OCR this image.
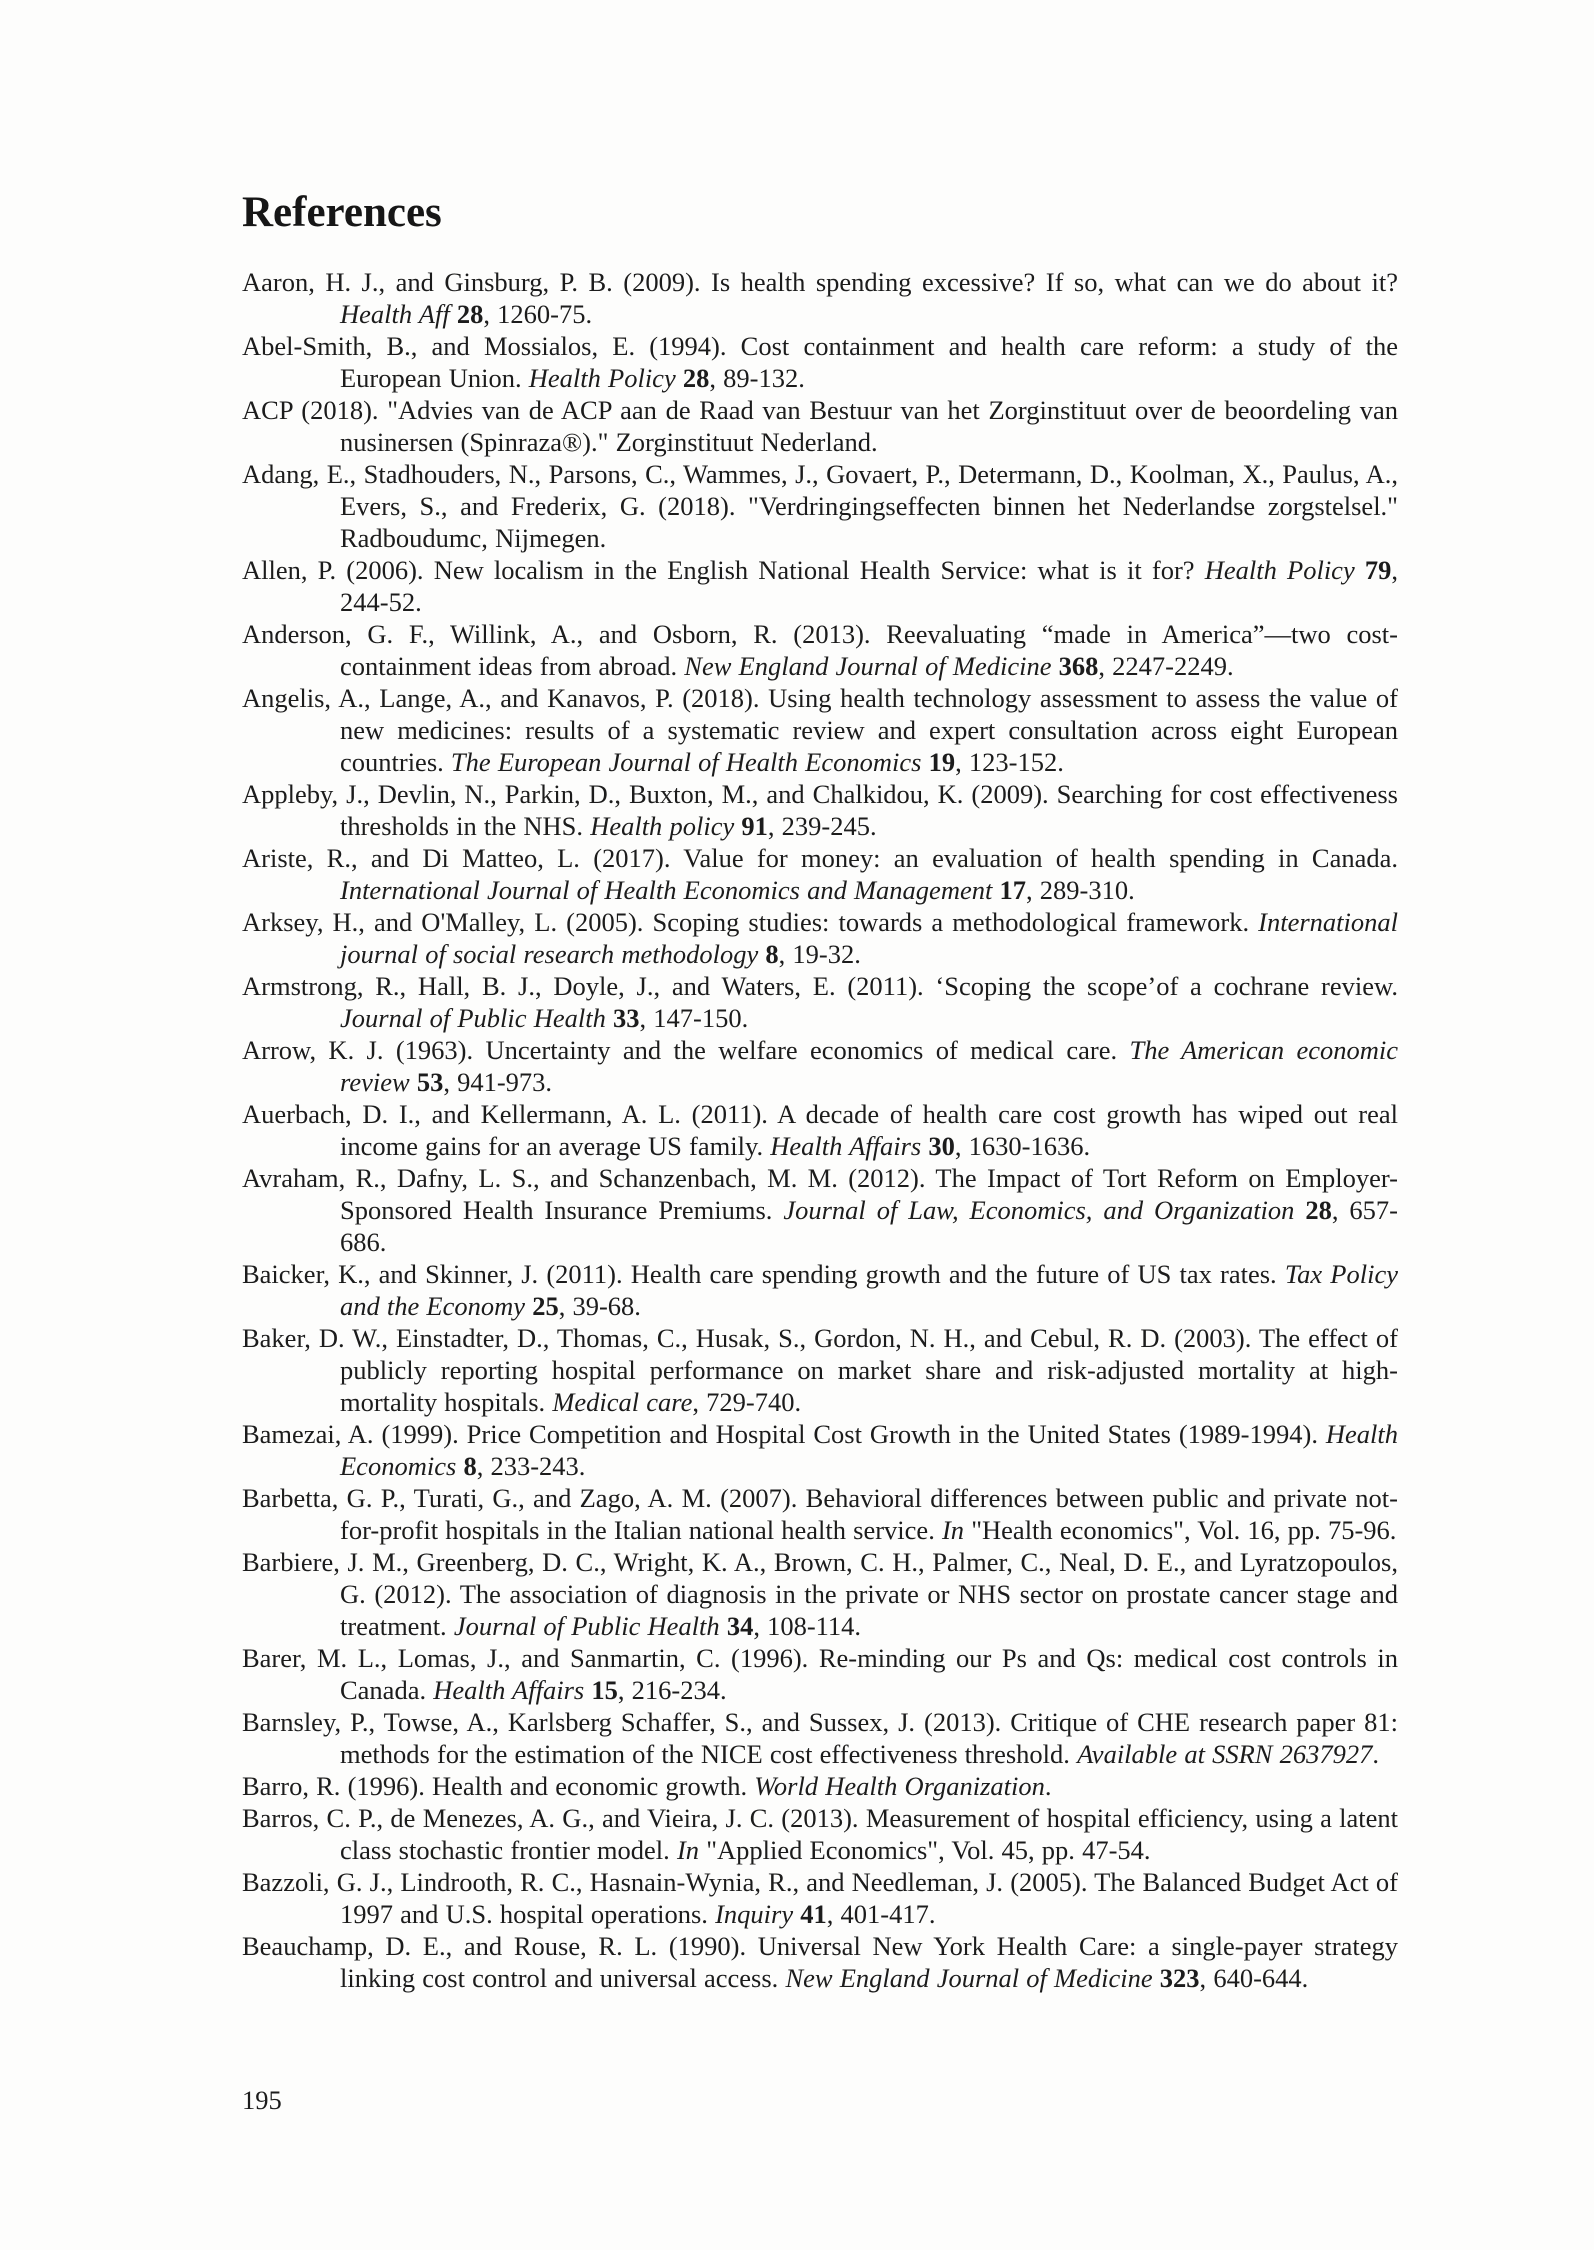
References

Aaron, H. J., and Ginsburg, P. B. (2009). Is health spending excessive? If so, what can we do about it? Health Aff 28, 1260-75.

Abel-Smith, B., and Mossialos, E. (1994). Cost containment and health care reform: a study of the European Union. Health Policy 28, 89-132.

ACP (2018). "Advies van de ACP aan de Raad van Bestuur van het Zorginstituut over de beoordeling van nusinersen (Spinraza®)." Zorginstituut Nederland.

Adang, E., Stadhouders, N., Parsons, C., Wammes, J., Govaert, P., Determann, D., Koolman, X., Paulus, A., Evers, S., and Frederix, G. (2018). "Verdringingseffecten binnen het Nederlandse zorgstelsel." Radboudumc, Nijmegen.

Allen, P. (2006). New localism in the English National Health Service: what is it for? Health Policy 79, 244-52.

Anderson, G. F., Willink, A., and Osborn, R. (2013). Reevaluating “made in America”—two cost-containment ideas from abroad. New England Journal of Medicine 368, 2247-2249.

Angelis, A., Lange, A., and Kanavos, P. (2018). Using health technology assessment to assess the value of new medicines: results of a systematic review and expert consultation across eight European countries. The European Journal of Health Economics 19, 123-152.

Appleby, J., Devlin, N., Parkin, D., Buxton, M., and Chalkidou, K. (2009). Searching for cost effectiveness thresholds in the NHS. Health policy 91, 239-245.

Ariste, R., and Di Matteo, L. (2017). Value for money: an evaluation of health spending in Canada. International Journal of Health Economics and Management 17, 289-310.

Arksey, H., and O'Malley, L. (2005). Scoping studies: towards a methodological framework. International journal of social research methodology 8, 19-32.

Armstrong, R., Hall, B. J., Doyle, J., and Waters, E. (2011). ‘Scoping the scope’of a cochrane review. Journal of Public Health 33, 147-150.

Arrow, K. J. (1963). Uncertainty and the welfare economics of medical care. The American economic review 53, 941-973.

Auerbach, D. I., and Kellermann, A. L. (2011). A decade of health care cost growth has wiped out real income gains for an average US family. Health Affairs 30, 1630-1636.

Avraham, R., Dafny, L. S., and Schanzenbach, M. M. (2012). The Impact of Tort Reform on Employer-Sponsored Health Insurance Premiums. Journal of Law, Economics, and Organization 28, 657-686.

Baicker, K., and Skinner, J. (2011). Health care spending growth and the future of US tax rates. Tax Policy and the Economy 25, 39-68.

Baker, D. W., Einstadter, D., Thomas, C., Husak, S., Gordon, N. H., and Cebul, R. D. (2003). The effect of publicly reporting hospital performance on market share and risk-adjusted mortality at high-mortality hospitals. Medical care, 729-740.

Bamezai, A. (1999). Price Competition and Hospital Cost Growth in the United States (1989-1994). Health Economics 8, 233-243.

Barbetta, G. P., Turati, G., and Zago, A. M. (2007). Behavioral differences between public and private not-for-profit hospitals in the Italian national health service. In "Health economics", Vol. 16, pp. 75-96.

Barbiere, J. M., Greenberg, D. C., Wright, K. A., Brown, C. H., Palmer, C., Neal, D. E., and Lyratzopoulos, G. (2012). The association of diagnosis in the private or NHS sector on prostate cancer stage and treatment. Journal of Public Health 34, 108-114.

Barer, M. L., Lomas, J., and Sanmartin, C. (1996). Re-minding our Ps and Qs: medical cost controls in Canada. Health Affairs 15, 216-234.

Barnsley, P., Towse, A., Karlsberg Schaffer, S., and Sussex, J. (2013). Critique of CHE research paper 81: methods for the estimation of the NICE cost effectiveness threshold. Available at SSRN 2637927.

Barro, R. (1996). Health and economic growth. World Health Organization.

Barros, C. P., de Menezes, A. G., and Vieira, J. C. (2013). Measurement of hospital efficiency, using a latent class stochastic frontier model. In "Applied Economics", Vol. 45, pp. 47-54.

Bazzoli, G. J., Lindrooth, R. C., Hasnain-Wynia, R., and Needleman, J. (2005). The Balanced Budget Act of 1997 and U.S. hospital operations. Inquiry 41, 401-417.

Beauchamp, D. E., and Rouse, R. L. (1990). Universal New York Health Care: a single-payer strategy linking cost control and universal access. New England Journal of Medicine 323, 640-644.

195
